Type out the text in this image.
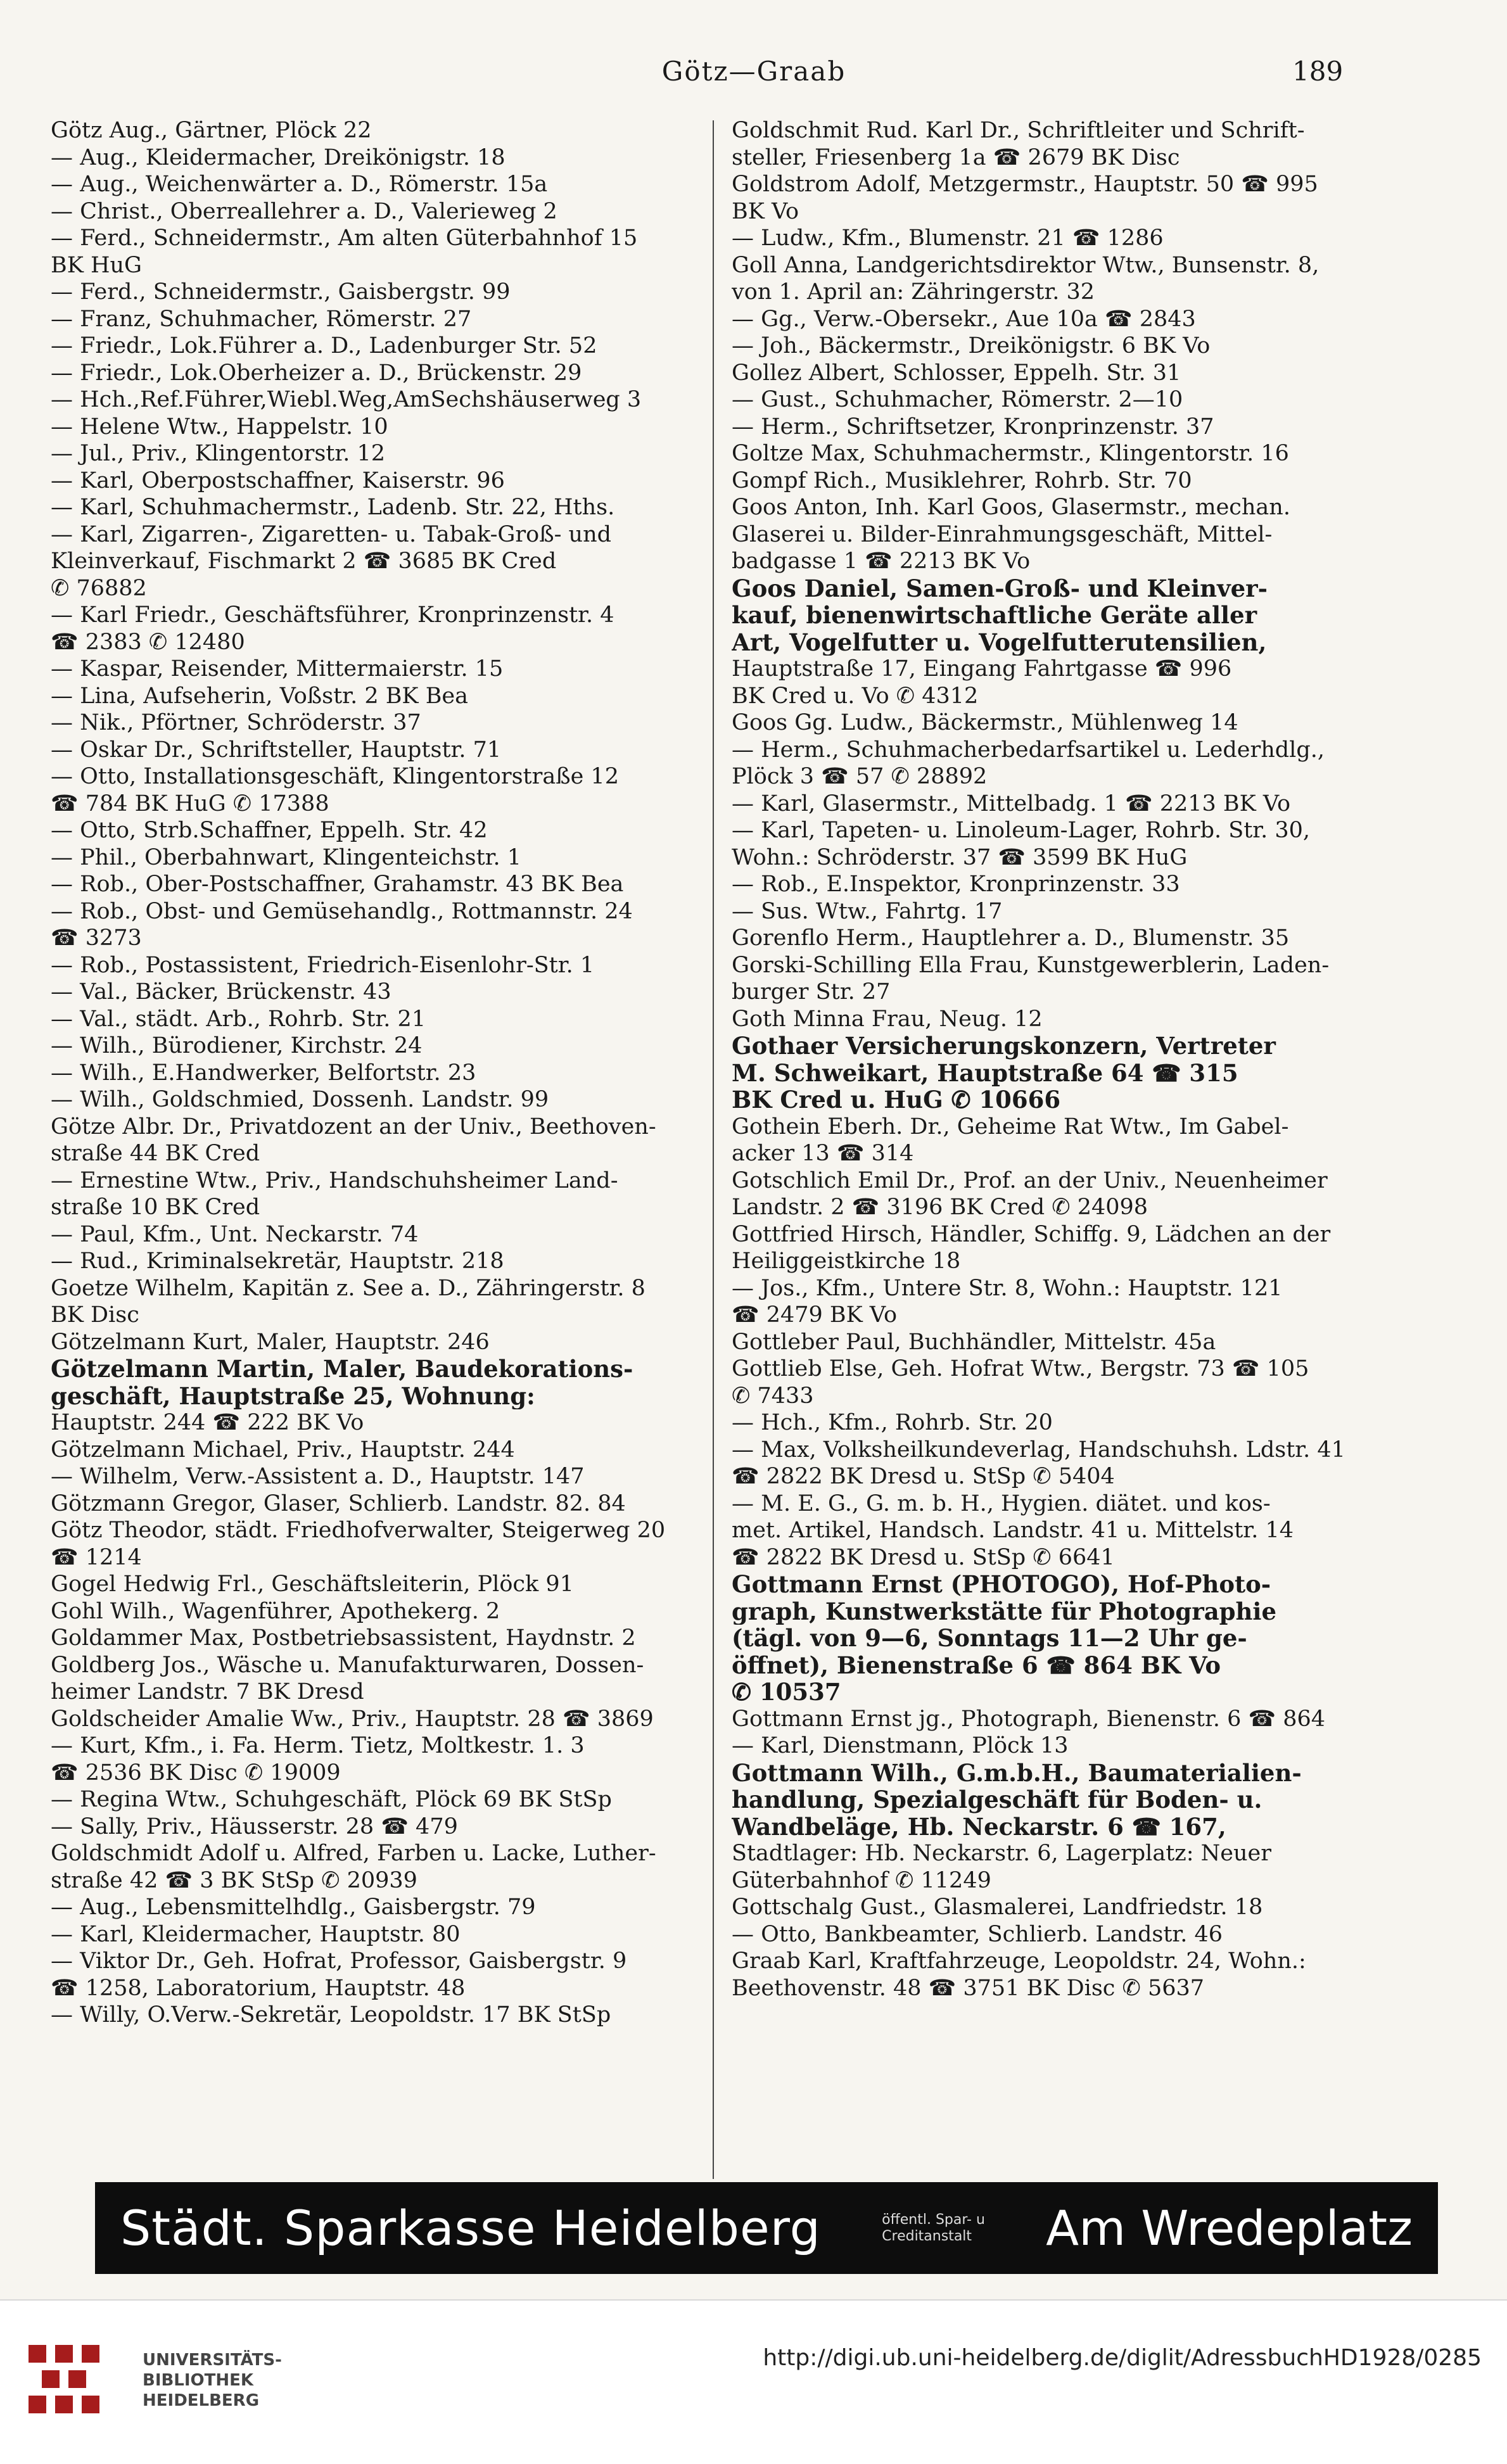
Götz—Graab	189
Götz Aug., Gärtner, Plöck 22
— Aug., Kleidermacher, Dreikönigstr. 18
— Aug., Weichenwärter a. D., Römerstr. 15a
— Christ., Oberreallehrer a. D., Valerieweg 2
— Ferd., Schneidermstr., Am alten Güterbahnhof 15
BK HuG
— Ferd., Schneidermstr., Gaisbergstr. 99
— Franz, Schuhmacher, Römerstr. 27
— Friedr., Lok.Führer a. D., Ladenburger Str. 52
— Friedr., Lok.Oberheizer a. D., Brückenstr. 29
— Hch.,Ref.Führer,Wiebl.Weg,AmSechshäuserweg 3
— Helene Wtw., Happelstr. 10
— Jul., Priv., Klingentorstr. 12
— Karl, Oberpostschaffner, Kaiserstr. 96
— Karl, Schuhmachermstr., Ladenb. Str. 22, Hths.
— Karl, Zigarren-, Zigaretten- u. Tabak-Groß- und
Kleinverkauf, Fischmarkt 2 ☎ 3685 BK Cred
✆ 76882
— Karl Friedr., Geschäftsführer, Kronprinzenstr. 4
☎ 2383 ✆ 12480
— Kaspar, Reisender, Mittermaierstr. 15
— Lina, Aufseherin, Voßstr. 2 BK Bea
— Nik., Pförtner, Schröderstr. 37
— Oskar Dr., Schriftsteller, Hauptstr. 71
— Otto, Installationsgeschäft, Klingentorstraße 12
☎ 784 BK HuG ✆ 17388
— Otto, Strb.Schaffner, Eppelh. Str. 42
— Phil., Oberbahnwart, Klingenteichstr. 1
— Rob., Ober-Postschaffner, Grahamstr. 43 BK Bea
— Rob., Obst- und Gemüsehandlg., Rottmannstr. 24
☎ 3273
— Rob., Postassistent, Friedrich-Eisenlohr-Str. 1
— Val., Bäcker, Brückenstr. 43
— Val., städt. Arb., Rohrb. Str. 21
— Wilh., Bürodiener, Kirchstr. 24
— Wilh., E.Handwerker, Belfortstr. 23
— Wilh., Goldschmied, Dossenh. Landstr. 99
Götze Albr. Dr., Privatdozent an der Univ., Beethoven-
straße 44 BK Cred
— Ernestine Wtw., Priv., Handschuhsheimer Land-
straße 10 BK Cred
— Paul, Kfm., Unt. Neckarstr. 74
— Rud., Kriminalsekretär, Hauptstr. 218
Goetze Wilhelm, Kapitän z. See a. D., Zähringerstr. 8
BK Disc
Götzelmann Kurt, Maler, Hauptstr. 246
Götzelmann Martin, Maler, Baudekorations-
geschäft, Hauptstraße 25, Wohnung:
Hauptstr. 244 ☎ 222 BK Vo
Götzelmann Michael, Priv., Hauptstr. 244
— Wilhelm, Verw.-Assistent a. D., Hauptstr. 147
Götzmann Gregor, Glaser, Schlierb. Landstr. 82. 84
Götz Theodor, städt. Friedhofverwalter, Steigerweg 20
☎ 1214
Gogel Hedwig Frl., Geschäftsleiterin, Plöck 91
Gohl Wilh., Wagenführer, Apothekerg. 2
Goldammer Max, Postbetriebsassistent, Haydnstr. 2
Goldberg Jos., Wäsche u. Manufakturwaren, Dossen-
heimer Landstr. 7 BK Dresd
Goldscheider Amalie Ww., Priv., Hauptstr. 28 ☎ 3869
— Kurt, Kfm., i. Fa. Herm. Tietz, Moltkestr. 1. 3
☎ 2536 BK Disc ✆ 19009
— Regina Wtw., Schuhgeschäft, Plöck 69 BK StSp
— Sally, Priv., Häusserstr. 28 ☎ 479
Goldschmidt Adolf u. Alfred, Farben u. Lacke, Luther-
straße 42 ☎ 3 BK StSp ✆ 20939
— Aug., Lebensmittelhdlg., Gaisbergstr. 79
— Karl, Kleidermacher, Hauptstr. 80
— Viktor Dr., Geh. Hofrat, Professor, Gaisbergstr. 9
☎ 1258, Laboratorium, Hauptstr. 48
— Willy, O.Verw.-Sekretär, Leopoldstr. 17 BK StSp
Goldschmit Rud. Karl Dr., Schriftleiter und Schrift-
steller, Friesenberg 1a ☎ 2679 BK Disc
Goldstrom Adolf, Metzgermstr., Hauptstr. 50 ☎ 995
BK Vo
— Ludw., Kfm., Blumenstr. 21 ☎ 1286
Goll Anna, Landgerichtsdirektor Wtw., Bunsenstr. 8,
von 1. April an: Zähringerstr. 32
— Gg., Verw.-Obersekr., Aue 10a ☎ 2843
— Joh., Bäckermstr., Dreikönigstr. 6 BK Vo
Gollez Albert, Schlosser, Eppelh. Str. 31
— Gust., Schuhmacher, Römerstr. 2—10
— Herm., Schriftsetzer, Kronprinzenstr. 37
Goltze Max, Schuhmachermstr., Klingentorstr. 16
Gompf Rich., Musiklehrer, Rohrb. Str. 70
Goos Anton, Inh. Karl Goos, Glasermstr., mechan.
Glaserei u. Bilder-Einrahmungsgeschäft, Mittel-
badgasse 1 ☎ 2213 BK Vo
Goos Daniel, Samen-Groß- und Kleinver-
kauf, bienenwirtschaftliche Geräte aller
Art, Vogelfutter u. Vogelfutterutensilien,
Hauptstraße 17, Eingang Fahrtgasse ☎ 996
BK Cred u. Vo ✆ 4312
Goos Gg. Ludw., Bäckermstr., Mühlenweg 14
— Herm., Schuhmacherbedarfsartikel u. Lederhdlg.,
Plöck 3 ☎ 57 ✆ 28892
— Karl, Glasermstr., Mittelbadg. 1 ☎ 2213 BK Vo
— Karl, Tapeten- u. Linoleum-Lager, Rohrb. Str. 30,
Wohn.: Schröderstr. 37 ☎ 3599 BK HuG
— Rob., E.Inspektor, Kronprinzenstr. 33
— Sus. Wtw., Fahrtg. 17
Gorenflo Herm., Hauptlehrer a. D., Blumenstr. 35
Gorski-Schilling Ella Frau, Kunstgewerblerin, Laden-
burger Str. 27
Goth Minna Frau, Neug. 12
Gothaer Versicherungskonzern, Vertreter
M. Schweikart, Hauptstraße 64 ☎ 315
BK Cred u. HuG ✆ 10666
Gothein Eberh. Dr., Geheime Rat Wtw., Im Gabel-
acker 13 ☎ 314
Gotschlich Emil Dr., Prof. an der Univ., Neuenheimer
Landstr. 2 ☎ 3196 BK Cred ✆ 24098
Gottfried Hirsch, Händler, Schiffg. 9, Lädchen an der
Heiliggeistkirche 18
— Jos., Kfm., Untere Str. 8, Wohn.: Hauptstr. 121
☎ 2479 BK Vo
Gottleber Paul, Buchhändler, Mittelstr. 45a
Gottlieb Else, Geh. Hofrat Wtw., Bergstr. 73 ☎ 105
✆ 7433
— Hch., Kfm., Rohrb. Str. 20
— Max, Volksheilkundeverlag, Handschuhsh. Ldstr. 41
☎ 2822 BK Dresd u. StSp ✆ 5404
— M. E. G., G. m. b. H., Hygien. diätet. und kos-
met. Artikel, Handsch. Landstr. 41 u. Mittelstr. 14
☎ 2822 BK Dresd u. StSp ✆ 6641
Gottmann Ernst (PHOTOGO), Hof-Photo-
graph, Kunstwerkstätte für Photographie
(tägl. von 9—6, Sonntags 11—2 Uhr ge-
öffnet), Bienenstraße 6 ☎ 864 BK Vo
✆ 10537
Gottmann Ernst jg., Photograph, Bienenstr. 6 ☎ 864
— Karl, Dienstmann, Plöck 13
Gottmann Wilh., G.m.b.H., Baumaterialien-
handlung, Spezialgeschäft für Boden- u.
Wandbeläge, Hb. Neckarstr. 6 ☎ 167,
Stadtlager: Hb. Neckarstr. 6, Lagerplatz: Neuer
Güterbahnhof ✆ 11249
Gottschalg Gust., Glasmalerei, Landfriedstr. 18
— Otto, Bankbeamter, Schlierb. Landstr. 46
Graab Karl, Kraftfahrzeuge, Leopoldstr. 24, Wohn.:
Beethovenstr. 48 ☎ 3751 BK Disc ✆ 5637
Städt. Sparkasse Heidelberg	öffentl. Spar- u
Creditanstalt Am Wredeplatz
UNIVERSITÄTS-
BIBLIOTHEK
HEIDELBERG
http://digi.ub.uni-heidelberg.de/diglit/AdressbuchHD1928/0285
